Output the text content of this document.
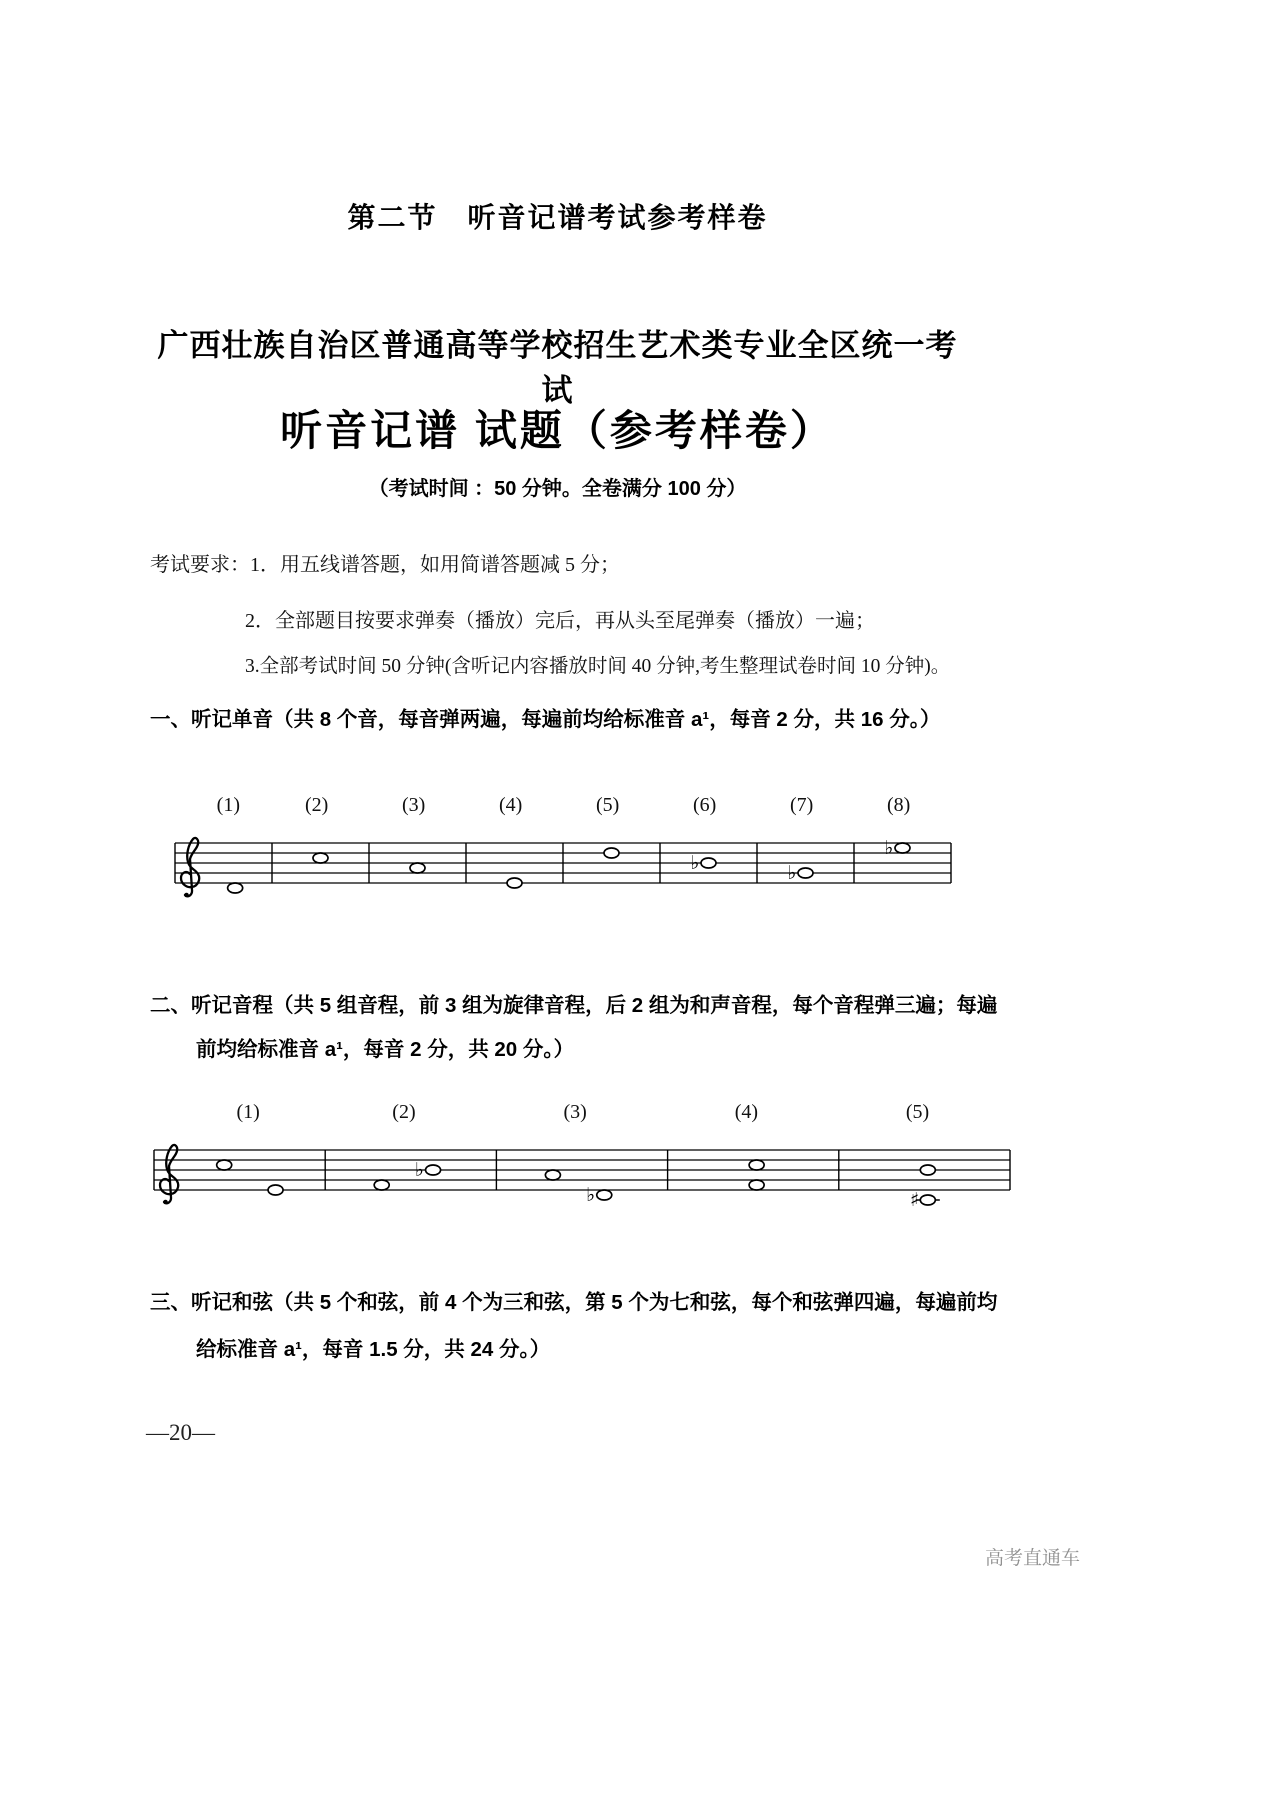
第二节　听音记谱考试参考样卷
广西壮族自治区普通高等学校招生艺术类专业全区统一考试
听音记谱 试题（参考样卷）
（考试时间 ：50 分钟。全卷满分 100 分）
考试要求：1．用五线谱答题，如用简谱答题减 5 分；
2．全部题目按要求弹奏（播放）完后，再从头至尾弹奏（播放）一遍；
3.全部考试时间 50 分钟(含听记内容播放时间 40 分钟,考生整理试卷时间 10 分钟)。
一、听记单音（共 8 个音，每音弹两遍，每遍前均给标准音 a¹，每音 2 分，共 16 分。）
(1)	(2)	(3)	(4)	(5)	(6)
♭
(7)
♭
(8)
♭
二、听记音程（共 5 组音程，前 3 组为旋律音程，后 2 组为和声音程，每个音程弹三遍；每遍
前均给标准音 a¹，每音 2 分，共 20 分。）
(1)	(2)
♭
(3)
♭
(4)	(5)
♯
三、听记和弦（共 5 个和弦，前 4 个为三和弦，第 5 个为七和弦，每个和弦弹四遍，每遍前均
给标准音 a¹，每音 1.5 分，共 24 分。）
—20—
高考直通车
